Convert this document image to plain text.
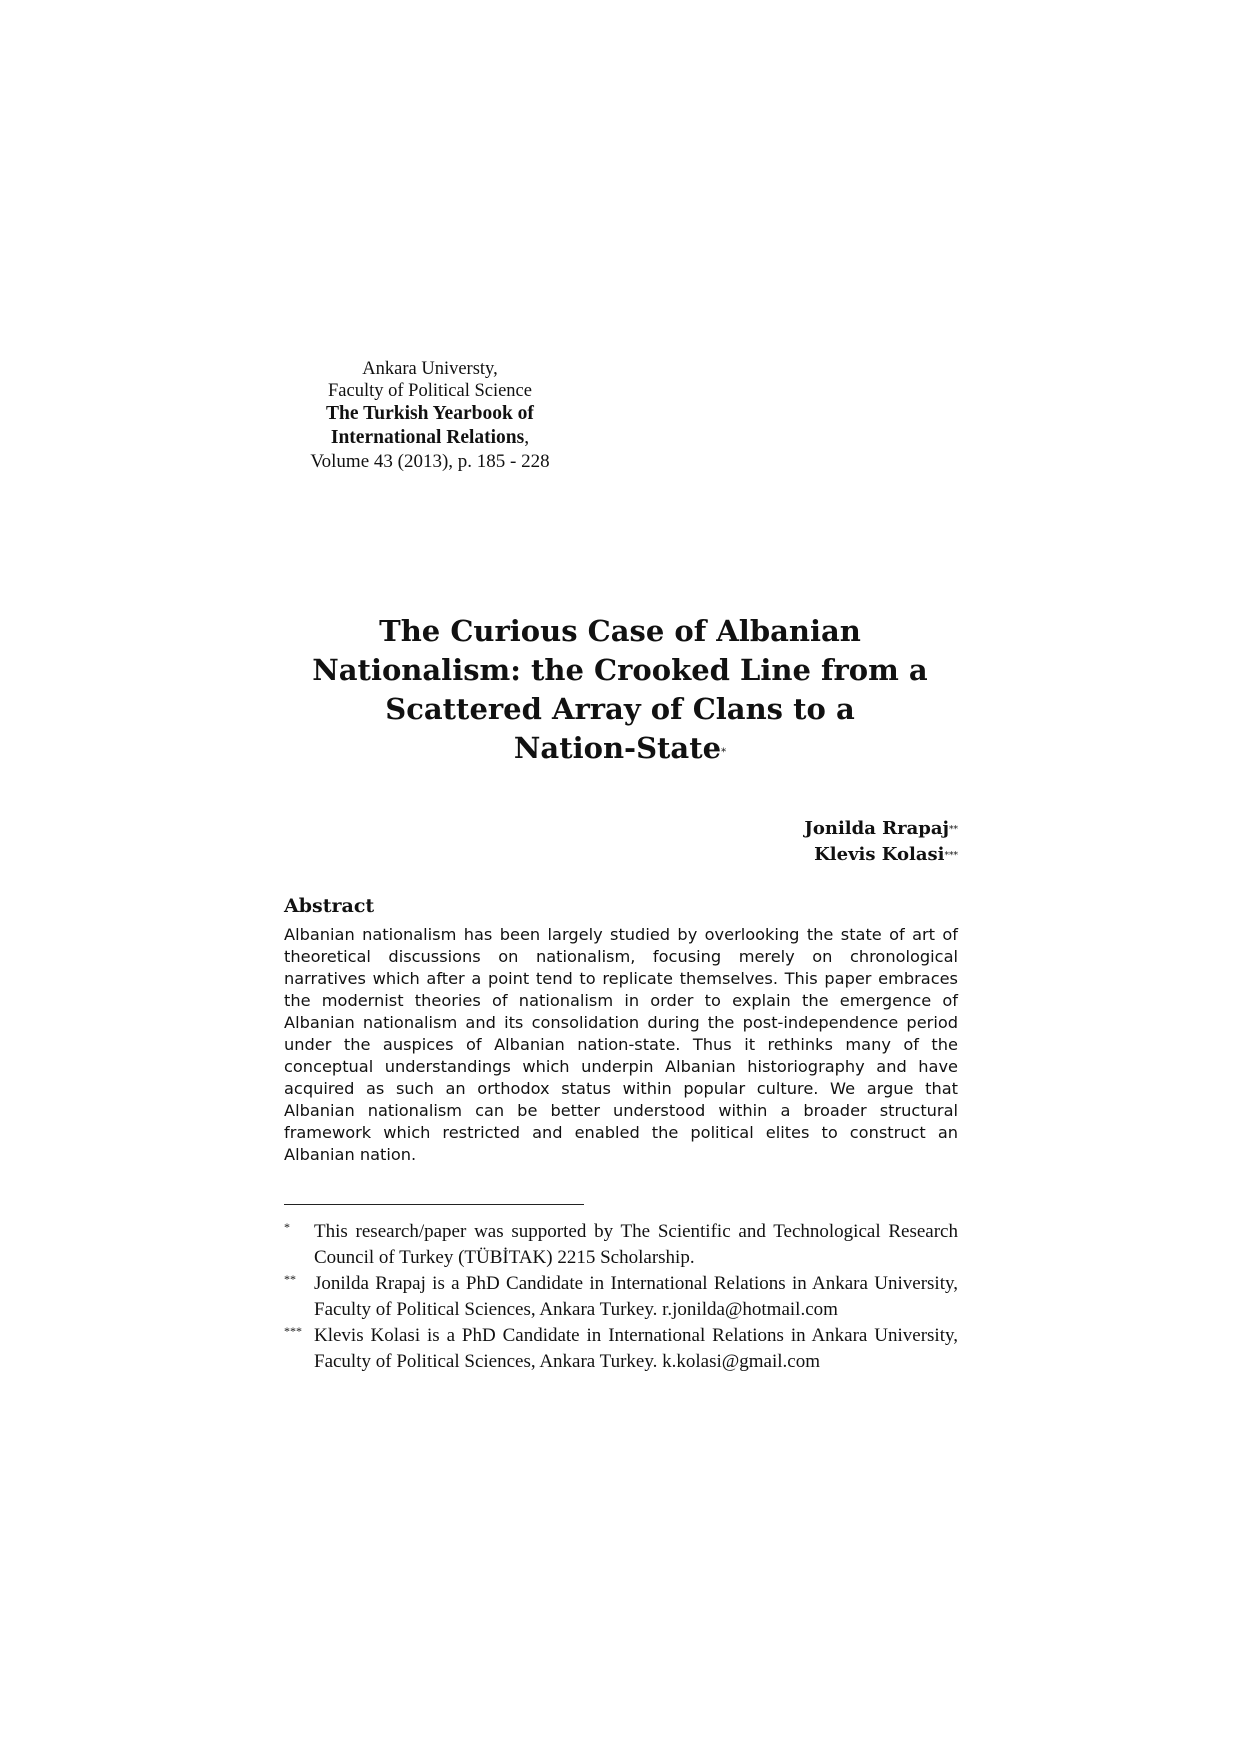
Ankara Universty,
Faculty of Political Science
The Turkish Yearbook of
International Relations,
Volume 43 (2013), p. 185 - 228
The Curious Case of Albanian
Nationalism: the Crooked Line from a
Scattered Array of Clans to a
Nation-State*
Jonilda Rrapaj**
Klevis Kolasi***
Abstract

Albanian nationalism has been largely studied by overlooking the state of art of theoretical discussions on nationalism, focusing merely on chronological narratives which after a point tend to replicate themselves. This paper embraces the modernist theories of nationalism in order to explain the emergence of Albanian nationalism and its consolidation during the post-independence period under the auspices of Albanian nation-state. Thus it rethinks many of the conceptual understandings which underpin Albanian historiography and have acquired as such an orthodox status within popular culture. We argue that Albanian nationalism can be better understood within a broader structural framework which restricted and enabled the political elites to construct an Albanian nation.

* This research/paper was supported by The Scientific and Technological Research Council of Turkey (TÜBİTAK) 2215 Scholarship.
** Jonilda Rrapaj is a PhD Candidate in International Relations in Ankara University, Faculty of Political Sciences, Ankara Turkey. r.jonilda@hotmail.com
*** Klevis Kolasi is a PhD Candidate in International Relations in Ankara University, Faculty of Political Sciences, Ankara Turkey. k.kolasi@gmail.com
